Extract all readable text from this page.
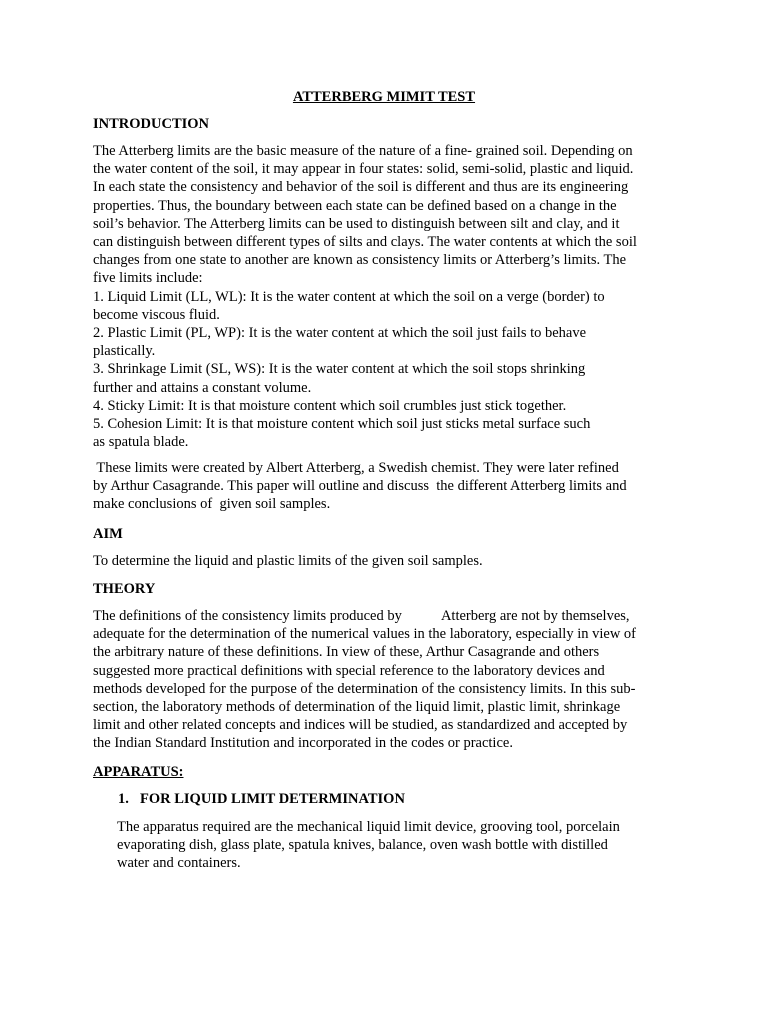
ATTERBERG MIMIT TEST
INTRODUCTION
The Atterberg limits are the basic measure of the nature of a fine- grained soil. Depending on
the water content of the soil, it may appear in four states: solid, semi-solid, plastic and liquid.
In each state the consistency and behavior of the soil is different and thus are its engineering
properties. Thus, the boundary between each state can be defined based on a change in the
soil’s behavior. The Atterberg limits can be used to distinguish between silt and clay, and it
can distinguish between different types of silts and clays. The water contents at which the soil
changes from one state to another are known as consistency limits or Atterberg’s limits. The
five limits include:
1. Liquid Limit (LL, WL): It is the water content at which the soil on a verge (border) to
become viscous fluid.
2. Plastic Limit (PL, WP): It is the water content at which the soil just fails to behave
plastically.
3. Shrinkage Limit (SL, WS): It is the water content at which the soil stops shrinking
further and attains a constant volume.
4. Sticky Limit: It is that moisture content which soil crumbles just stick together.
5. Cohesion Limit: It is that moisture content which soil just sticks metal surface such
as spatula blade.
These limits were created by Albert Atterberg, a Swedish chemist. They were later refined
by Arthur Casagrande. This paper will outline and discuss  the different Atterberg limits and
make conclusions of  given soil samples.
AIM
To determine the liquid and plastic limits of the given soil samples.
THEORY
The definitions of the consistency limits produced by           Atterberg are not by themselves,
adequate for the determination of the numerical values in the laboratory, especially in view of
the arbitrary nature of these definitions. In view of these, Arthur Casagrande and others
suggested more practical definitions with special reference to the laboratory devices and
methods developed for the purpose of the determination of the consistency limits. In this sub-
section, the laboratory methods of determination of the liquid limit, plastic limit, shrinkage
limit and other related concepts and indices will be studied, as standardized and accepted by
the Indian Standard Institution and incorporated in the codes or practice.
APPARATUS:
1. FOR LIQUID LIMIT DETERMINATION
The apparatus required are the mechanical liquid limit device, grooving tool, porcelain
evaporating dish, glass plate, spatula knives, balance, oven wash bottle with distilled
water and containers.
